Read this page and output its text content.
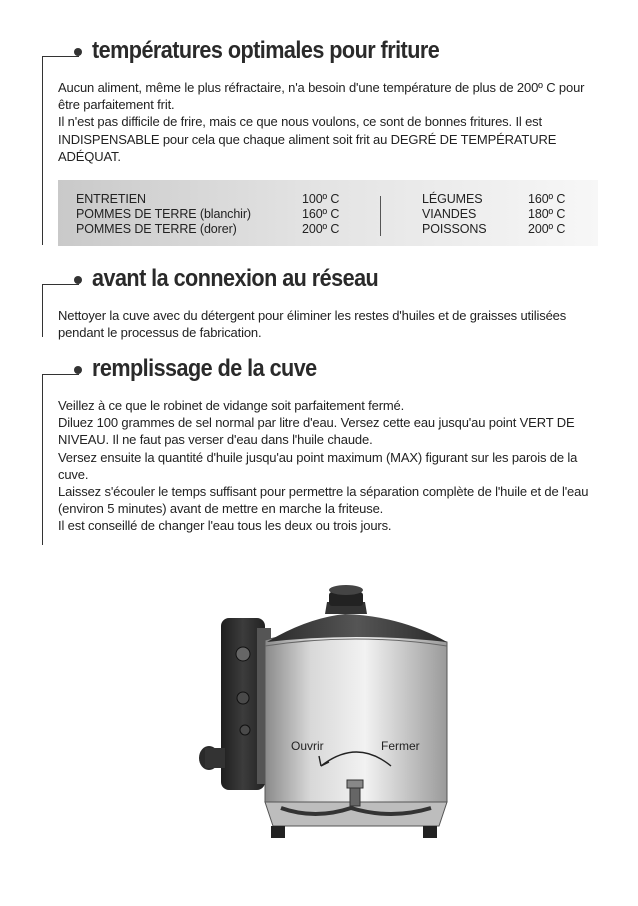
températures optimales pour friture

Aucun aliment, même le plus réfractaire, n'a besoin d'une température de plus de 200º C pour être parfaitement frit.

Il n'est pas difficile de frire, mais ce que nous voulons, ce sont de bonnes fritures. Il est INDISPENSABLE pour cela que chaque aliment soit frit au DEGRÉ DE TEMPÉRATURE ADÉQUAT.

ENTRETIEN
POMMES DE TERRE (blanchir)
POMMES DE TERRE (dorer)
100º C
160º C
200º C
LÉGUMES
VIANDES
POISSONS
160º C
180º C
200º C
avant la connexion au réseau

Nettoyer la cuve avec du détergent pour éliminer les restes d'huiles et de graisses utilisées pendant le processus de fabrication.

remplissage de la cuve

Veillez à ce que le robinet de vidange soit parfaitement fermé.

Diluez 100 grammes de sel normal par litre d'eau. Versez cette eau jusqu'au point VERT DE NIVEAU. Il ne faut pas verser d'eau dans l'huile chaude.

Versez ensuite la quantité d'huile jusqu'au point maximum (MAX) figurant sur les parois de la cuve.

Laissez s'écouler le temps suffisant pour permettre la séparation complète de l'huile et de l'eau (environ 5 minutes) avant de mettre en marche la friteuse.

Il est conseillé de changer l'eau tous les deux ou trois jours.

Ouvrir	Fermer
